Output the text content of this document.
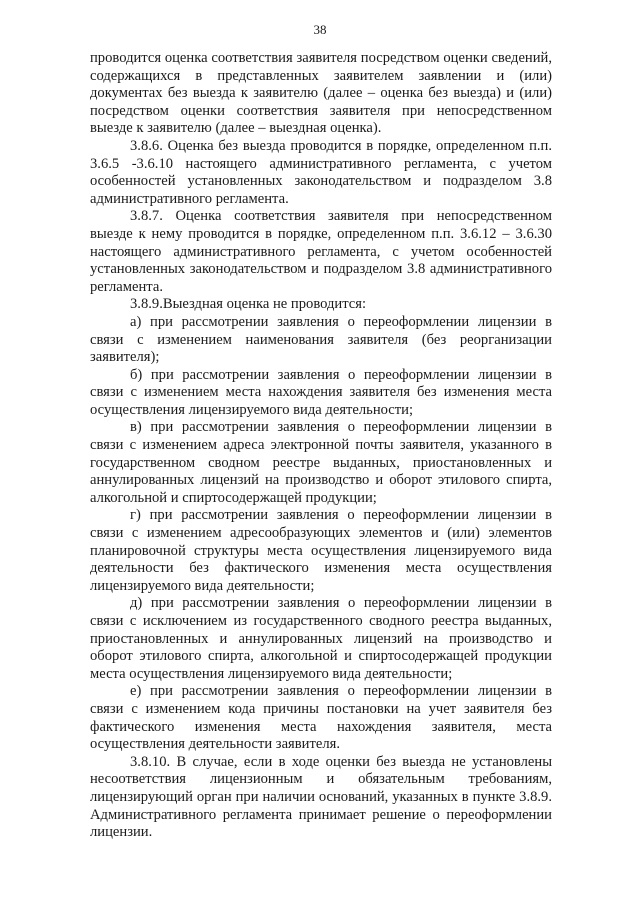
38

проводится оценка соответствия заявителя посредством оценки сведений, содержащихся в представленных заявителем заявлении и (или) документах без выезда к заявителю (далее – оценка без выезда) и (или) посредством оценки соответствия заявителя при непосредственном выезде к заявителю (далее – выездная оценка).

3.8.6. Оценка без выезда проводится в порядке, определенном п.п. 3.6.5 -3.6.10 настоящего административного регламента, с учетом особенностей установленных законодательством и подразделом 3.8 административного регламента.

3.8.7. Оценка соответствия заявителя при непосредственном выезде к нему проводится в порядке, определенном п.п. 3.6.12 – 3.6.30 настоящего административного регламента, с учетом особенностей установленных законодательством и подразделом 3.8 административного регламента.

3.8.9.Выездная оценка не проводится:

а) при рассмотрении заявления о переоформлении лицензии в связи с изменением наименования заявителя (без реорганизации заявителя);

б) при рассмотрении заявления о переоформлении лицензии в связи с изменением места нахождения заявителя без изменения места осуществления лицензируемого вида деятельности;

в) при рассмотрении заявления о переоформлении лицензии в связи с изменением адреса электронной почты заявителя, указанного в государственном сводном реестре выданных, приостановленных и аннулированных лицензий на производство и оборот этилового спирта, алкогольной и спиртосодержащей продукции;

г) при рассмотрении заявления о переоформлении лицензии в связи с изменением адресообразующих элементов и (или) элементов планировочной структуры места осуществления лицензируемого вида деятельности без фактического изменения места осуществления лицензируемого вида деятельности;

д) при рассмотрении заявления о переоформлении лицензии в связи с исключением из государственного сводного реестра выданных, приостановленных и аннулированных лицензий на производство и оборот этилового спирта, алкогольной и спиртосодержащей продукции места осуществления лицензируемого вида деятельности;

е) при рассмотрении заявления о переоформлении лицензии в связи с изменением кода причины постановки на учет заявителя без фактического изменения места нахождения заявителя, места осуществления деятельности заявителя.

3.8.10. В случае, если в ходе оценки без выезда не установлены несоответствия лицензионным и обязательным требованиям, лицензирующий орган при наличии оснований, указанных в пункте 3.8.9. Административного регламента принимает решение о переоформлении лицензии.
